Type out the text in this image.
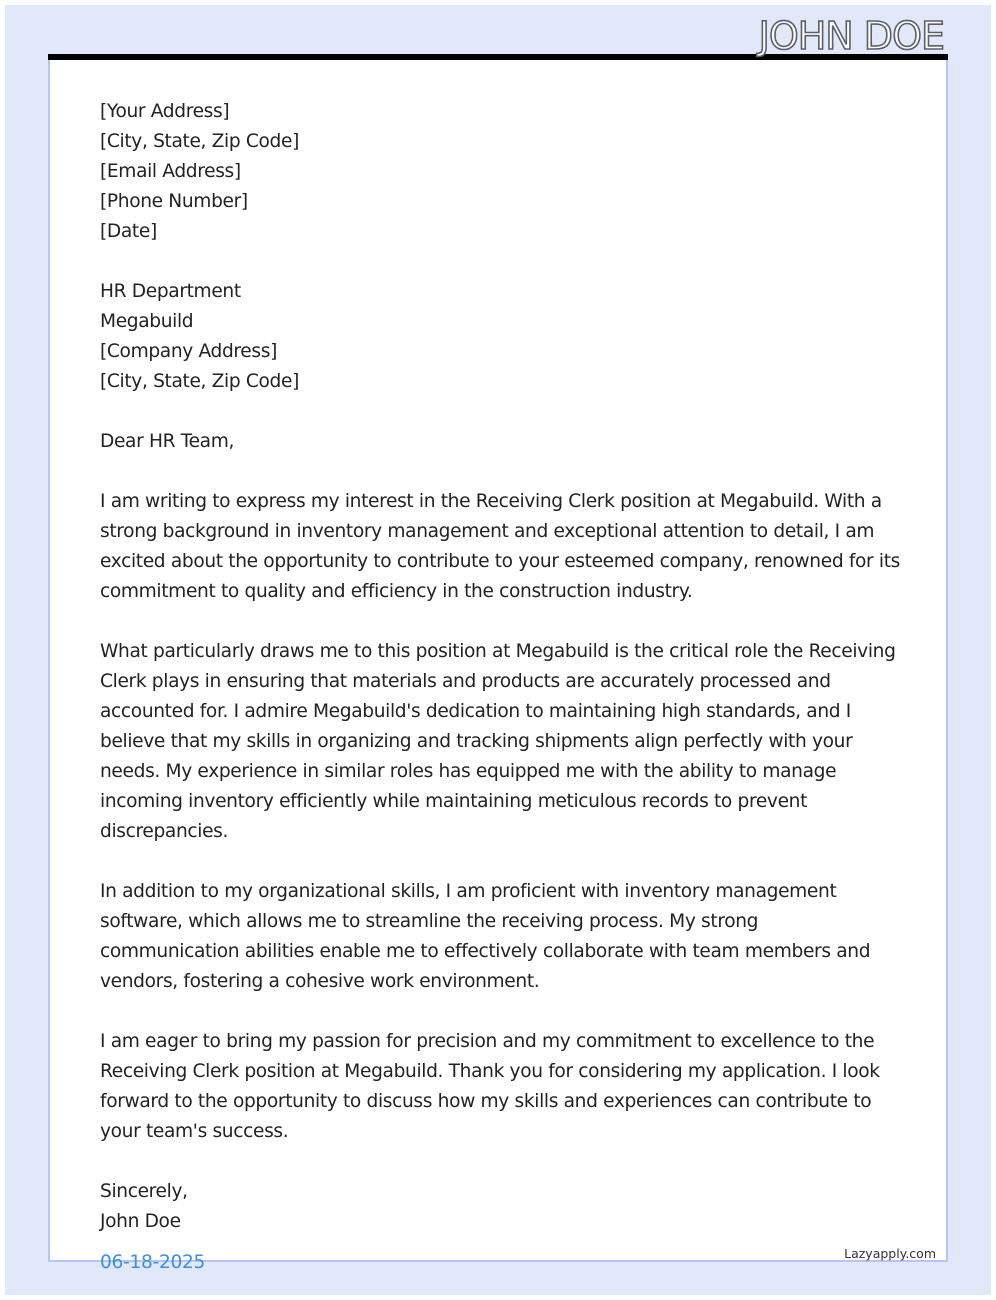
JOHN DOE
[Your Address]
[City, State, Zip Code]
[Email Address]
[Phone Number]
[Date]
HR Department
Megabuild
[Company Address]
[City, State, Zip Code]
Dear HR Team,

I am writing to express my interest in the Receiving Clerk position at Megabuild. With a strong background in inventory management and exceptional attention to detail, I am excited about the opportunity to contribute to your esteemed company, renowned for its commitment to quality and efficiency in the construction industry.

What particularly draws me to this position at Megabuild is the critical role the Receiving Clerk plays in ensuring that materials and products are accurately processed and accounted for. I admire Megabuild's dedication to maintaining high standards, and I believe that my skills in organizing and tracking shipments align perfectly with your needs. My experience in similar roles has equipped me with the ability to manage incoming inventory efficiently while maintaining meticulous records to prevent discrepancies.

In addition to my organizational skills, I am proficient with inventory management software, which allows me to streamline the receiving process. My strong communication abilities enable me to effectively collaborate with team members and vendors, fostering a cohesive work environment.

I am eager to bring my passion for precision and my commitment to excellence to the Receiving Clerk position at Megabuild. Thank you for considering my application. I look forward to the opportunity to discuss how my skills and experiences can contribute to your team's success.

Sincerely,
John Doe
06-18-2025	Lazyapply.com
